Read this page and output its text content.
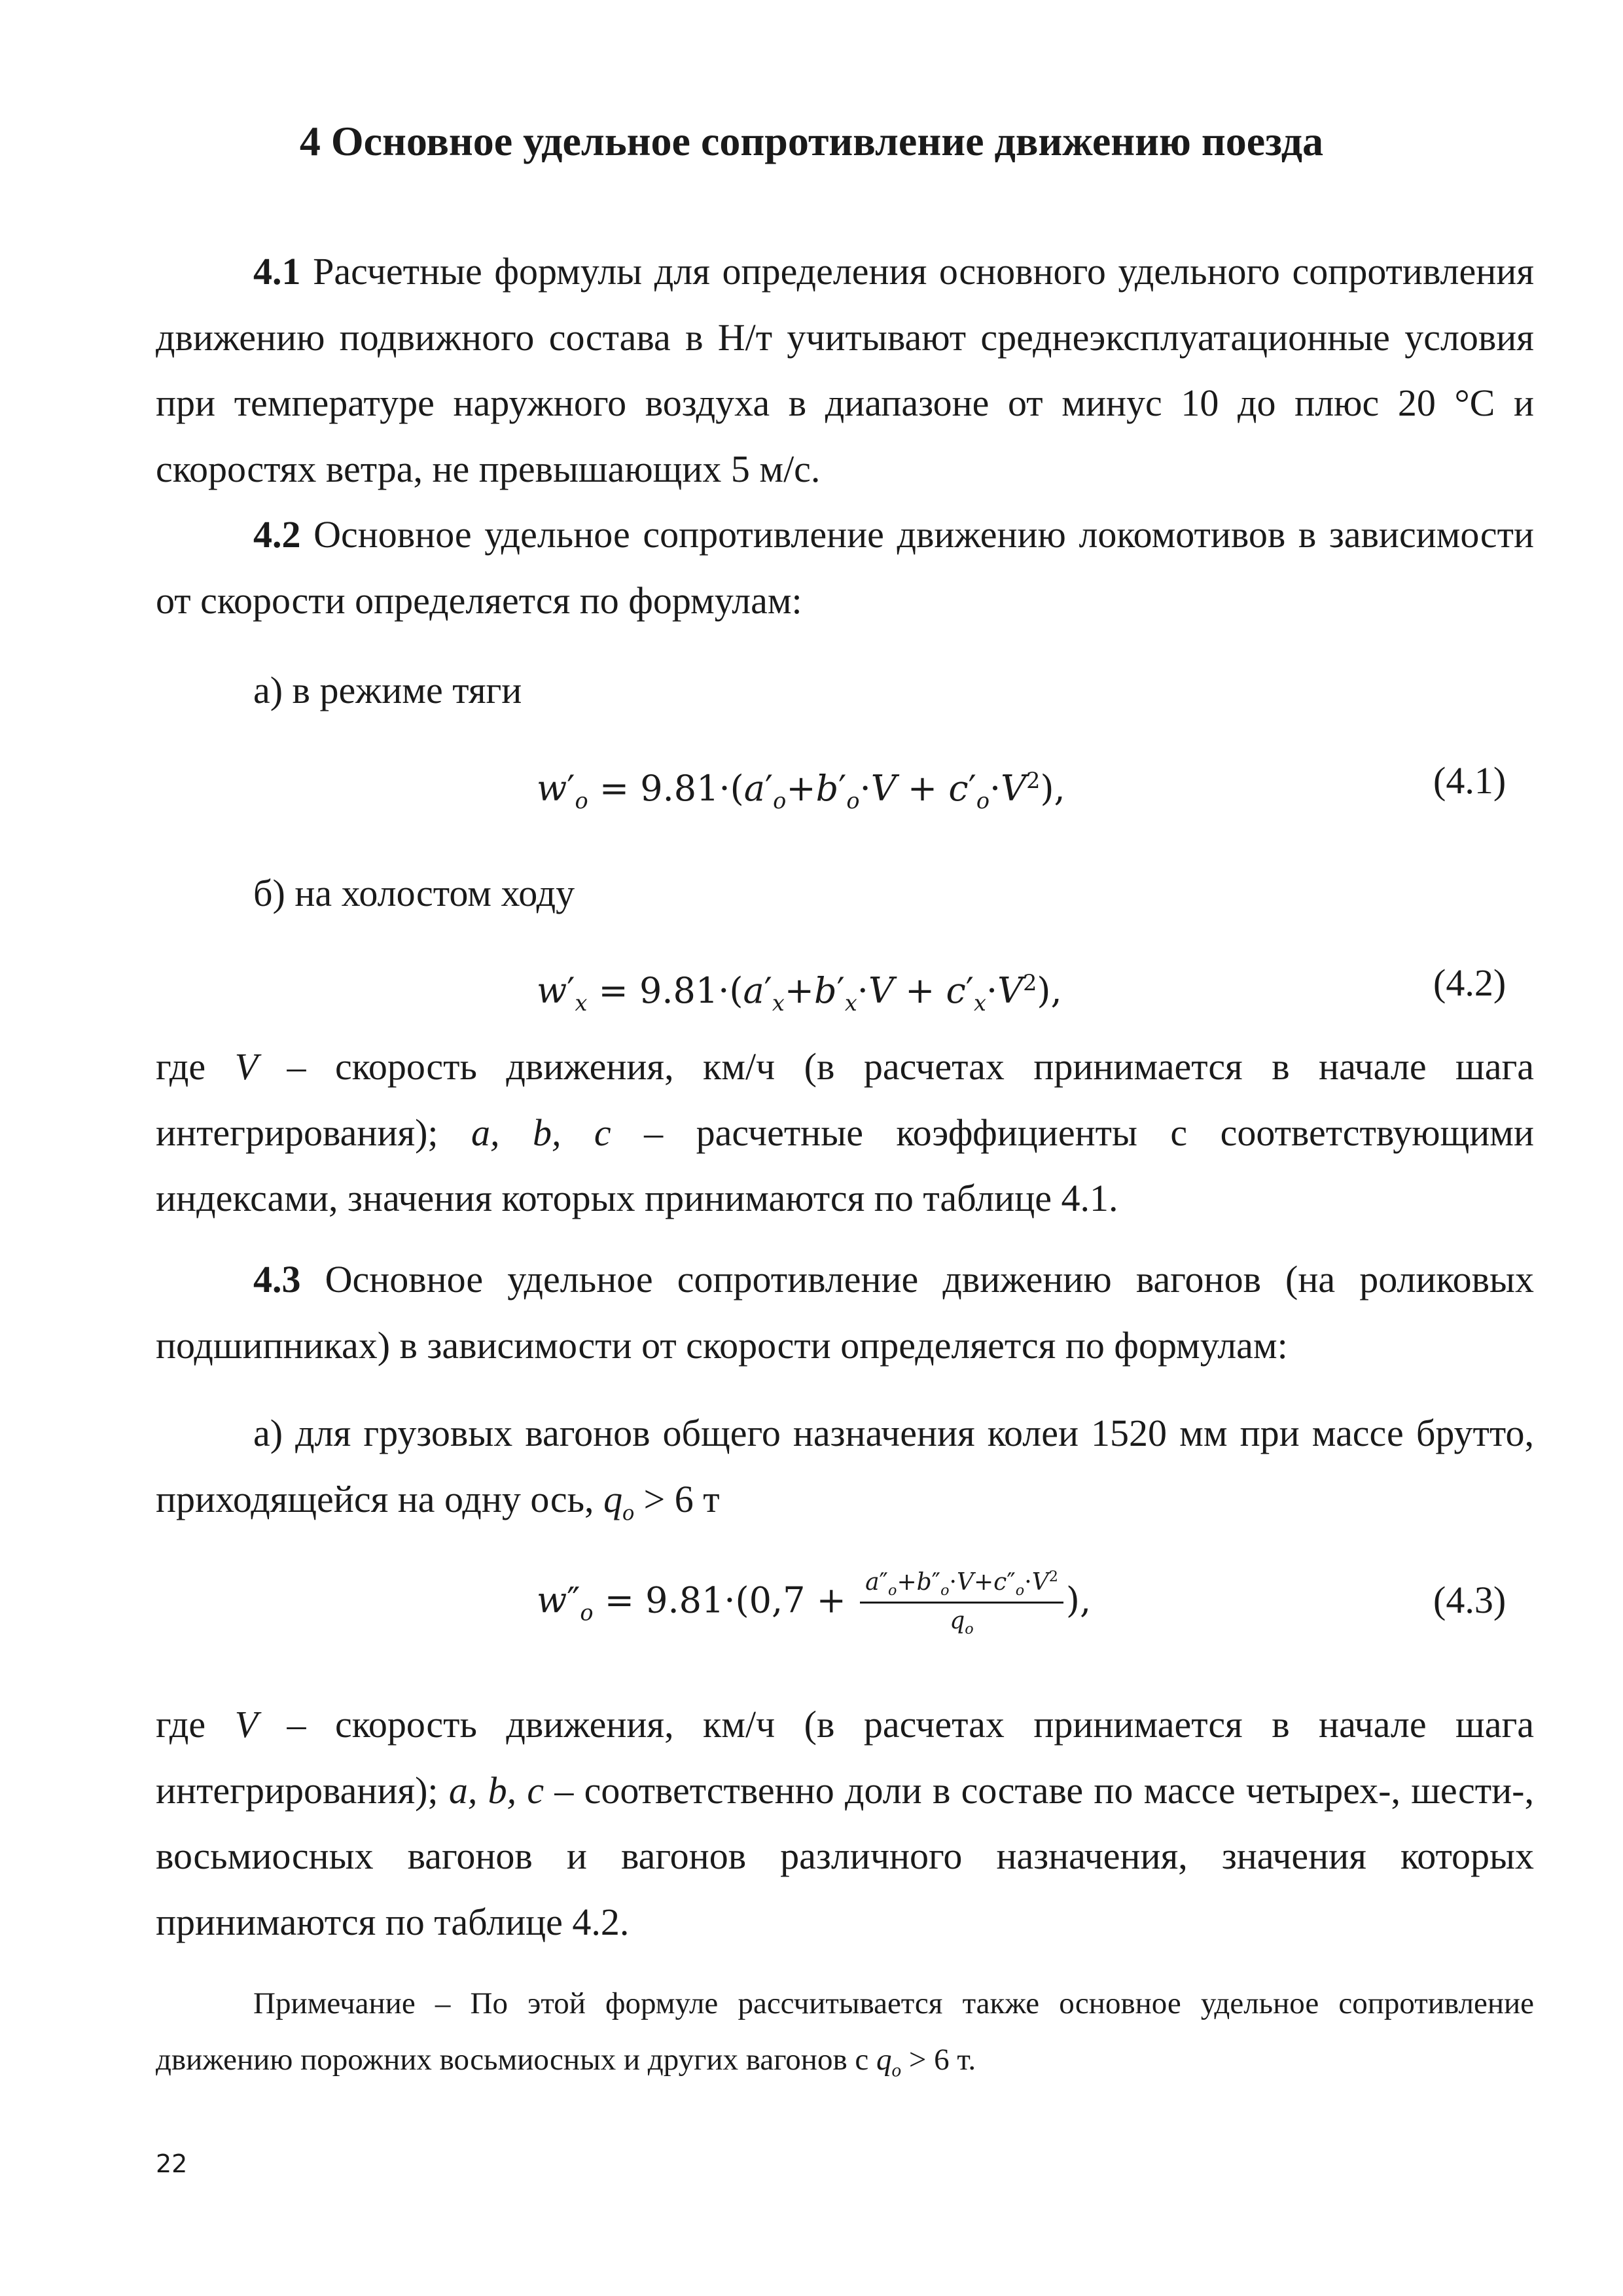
4 Основное удельное сопротивление движению поезда
4.1 Расчетные формулы для определения основного удельного сопротивления движению подвижного состава в Н/т учитывают среднеэксплуатационные условия при температуре наружного воздуха в диапазоне от минус 10 до плюс 20 °С и скоростях ветра, не превышающих 5 м/с.
4.2 Основное удельное сопротивление движению локомотивов в зависимости от скорости определяется по формулам:
а) в режиме тяги
$w'_o = 9.81\cdot(a'_o+b'_o\cdot V + c'_o\cdot V^2)$,	(4.1)
б) на холостом ходу
$w'_x = 9.81\cdot(a'_x+b'_x\cdot V + c'_x\cdot V^2)$,	(4.2)
где V – скорость движения, км/ч (в расчетах принимается в начале шага интегрирования); a, b, c – расчетные коэффициенты с соответствующими индексами, значения которых принимаются по таблице 4.1.
4.3 Основное удельное сопротивление движению вагонов (на роликовых подшипниках) в зависимости от скорости определяется по формулам:
а) для грузовых вагонов общего назначения колеи 1520 мм при массе брутто, приходящейся на одну ось, $q_o > 6$ т
$w''_o = 9.81\cdot(0,7 + \frac{a''_o+b''_o\cdot V+c''_o\cdot V^2}{q_o}$ ),	(4.3)
где V – скорость движения, км/ч (в расчетах принимается в начале шага интегрирования); a, b, c – соответственно доли в составе по массе четырех-, шести-, восьмиосных вагонов и вагонов различного назначения, значения которых принимаются по таблице 4.2.
Примечание – По этой формуле рассчитывается также основное удельное сопротивление движению порожних восьмиосных и других вагонов с $q_o > 6$ т.
22
